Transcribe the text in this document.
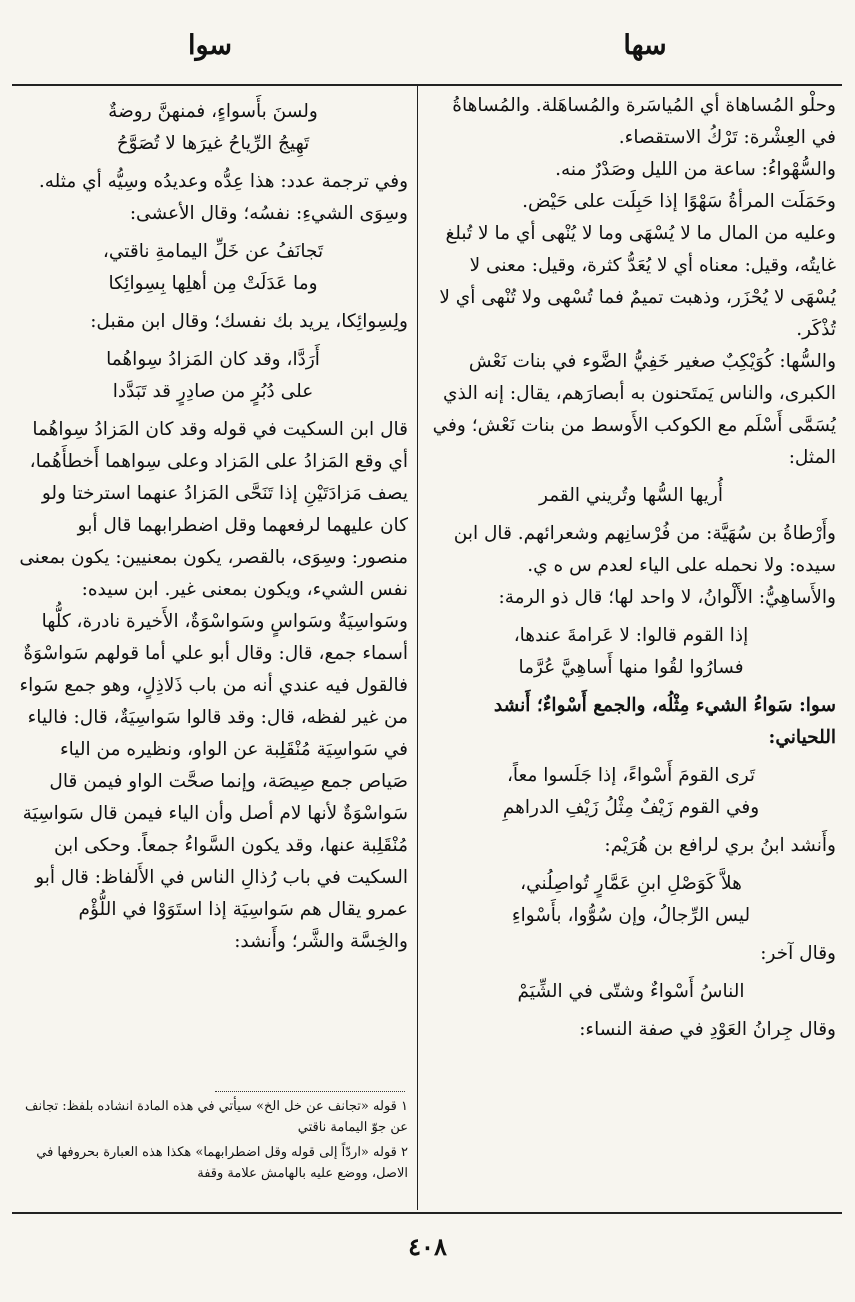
سها
سوا

وحلْو المُساهاة أي المُياسَرة والمُساهَلة. والمُساهاةُ في العِشْرة: تَرْكُ الاستقصاء.

والسُّهْواءُ: ساعة من الليل وصَدْرٌ منه.

وحَمَلَت المرأةُ سَهْوًا إذا حَبِلَت على حَيْض.

وعليه من المال ما لا يُسْهَى وما لا يُنْهى أي ما لا تُبلغ غايتُه، وقيل: معناه أي لا يُعَدُّ كثرة، وقيل: معنى لا يُسْهَى لا يُحْزَر، وذهبت تميمٌ فما تُسْهى ولا تُنْهى أي لا تُذْكَر.

والسُّها: كُوَيْكِبٌ صغير خَفِيُّ الضَّوء في بنات نَعْش الكبرى، والناس يَمتَحنون به أبصارَهم، يقال: إنه الذي يُسَمَّى أَسْلَم مع الكوكب الأَوسط من بنات نَعْش؛ وفي المثل:

أُريها السُّها وتُريني القمر

وأَرْطاةُ بن سُهَيَّة: من فُرْسانِهم وشعرائهم. قال ابن سيده: ولا نحمله على الياء لعدم س ه ي.

والأَساهِيُّ: الأَلْوانُ، لا واحد لها؛ قال ذو الرمة:

إذا القوم قالوا: لا عَرامةَ عندها،
فسارُوا لقُوا منها أَساهِيَّ عُرَّما

سوا: سَواءُ الشيء مِثْلُه، والجمع أَسْواءٌ؛ أَنشد اللحياني:

تَرى القومَ أَسْواءً، إذا جَلَسوا معاً،
وفي القوم زَيْفٌ مِثْلُ زَيْفِ الدراهمِ

وأَنشد ابنُ بري لرافع بن هُرَيْم:

هلاَّ كَوَصْلِ ابنِ عَمَّارٍ تُواصِلُني،
ليس الرِّجالُ، وإن سُوُّوا، بأَسْواءِ

وقال آخر:

الناسُ أَسْواءٌ وشتّى في الشِّيَمْ

وقال جِرانُ العَوْدِ في صفة النساء:

ولسنَ بأَسواءٍ، فمنهنَّ روضةٌ
تَهِيجُ الرِّياحُ غيرَها لا تُصَوَّحُ

وفي ترجمة عدد: هذا عِدُّه وعديدُه وسِيُّه أي مثله. وسِوَى الشيءِ: نفسُه؛ وقال الأعشى:

تَجانَفُ عن خَلِّ اليمامةِ ناقتي،
وما عَدَلَتْ مِن أهلِها بِسِوائِكا

ولِسِوائِكا، يريد بك نفسك؛ وقال ابن مقبل:

أَرَدَّا، وقد كان المَزادُ سِواهُما
على دُبُرٍ من صادِرٍ قد تَبَدَّدا

قال ابن السكيت في قوله وقد كان المَزادُ سِواهُما أي وقع المَزادُ على المَزاد وعلى سِواهما أَخطأَهُما، يصف مَزادَتَيْنِ إذا تَنَحَّى المَزادُ عنهما استرختا ولو كان عليهما لرفعهما وقل اضطرابهما قال أبو منصور: وسِوَى، بالقصر، يكون بمعنيين: يكون بمعنى نفس الشيء، ويكون بمعنى غير. ابن سيده: وسَواسِيَةٌ وسَواسٍ وسَواسْوَةٌ، الأَخيرة نادرة، كلُّها أسماء جمع، قال: وقال أبو علي أما قولهم سَواسْوَةٌ فالقول فيه عندي أنه من باب ذَلاذِلٍ، وهو جمع سَواء من غير لفظه، قال: وقد قالوا سَواسِيَةٌ، قال: فالياء في سَواسِيَة مُنْقَلِبة عن الواو، ونظيره من الياء صَياص جمع صِيصَة، وإنما صحَّت الواو فيمن قال سَواسْوَةٌ لأنها لام أصل وأن الياء فيمن قال سَواسِيَة مُنْقَلِبة عنها، وقد يكون السَّواءُ جمعاً. وحكى ابن السكيت في باب رُذالِ الناس في الأَلفاظ: قال أبو عمرو يقال هم سَواسِيَة إذا استَوَوْا في اللُّؤْم والخِسَّة والشَّر؛ وأَنشد:

١ قوله «تجانف عن خل الخ» سيأتي في هذه المادة انشاده بلفظ: تجانف عن جوّ اليمامة ناقتي

٢ قوله «اردّاً إلى قوله وقل اضطرابهما» هكذا هذه العبارة بحروفها في الاصل، ووضع عليه بالهامش علامة وقفة

٤٠٨
